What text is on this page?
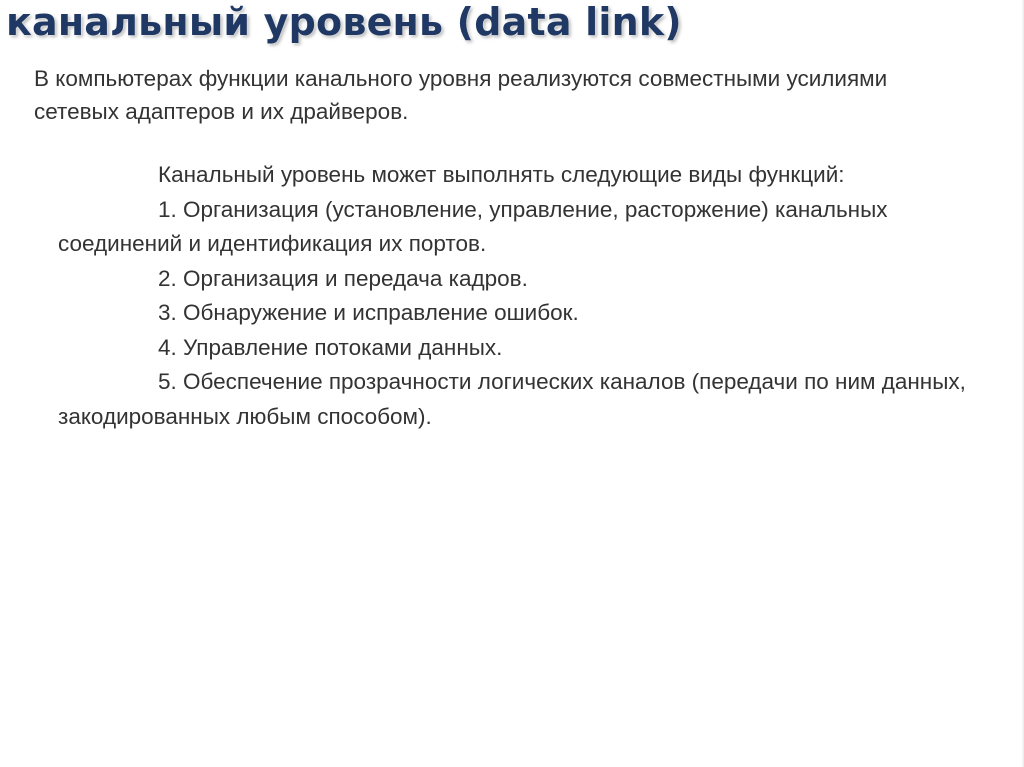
канальный уровень (data link)

В компьютерах функции канального уровня реализуются совместными усилиями сетевых адаптеров и их драйверов.

Канальный уровень может выполнять следующие виды функций:

1. Организация (установление, управление, расторжение) канальных соединений и идентификация их портов.

2. Организация и передача кадров.

3. Обнаружение и исправление ошибок.

4. Управление потоками данных.

5. Обеспечение прозрачности логических каналов (передачи по ним данных, закодированных любым способом).
